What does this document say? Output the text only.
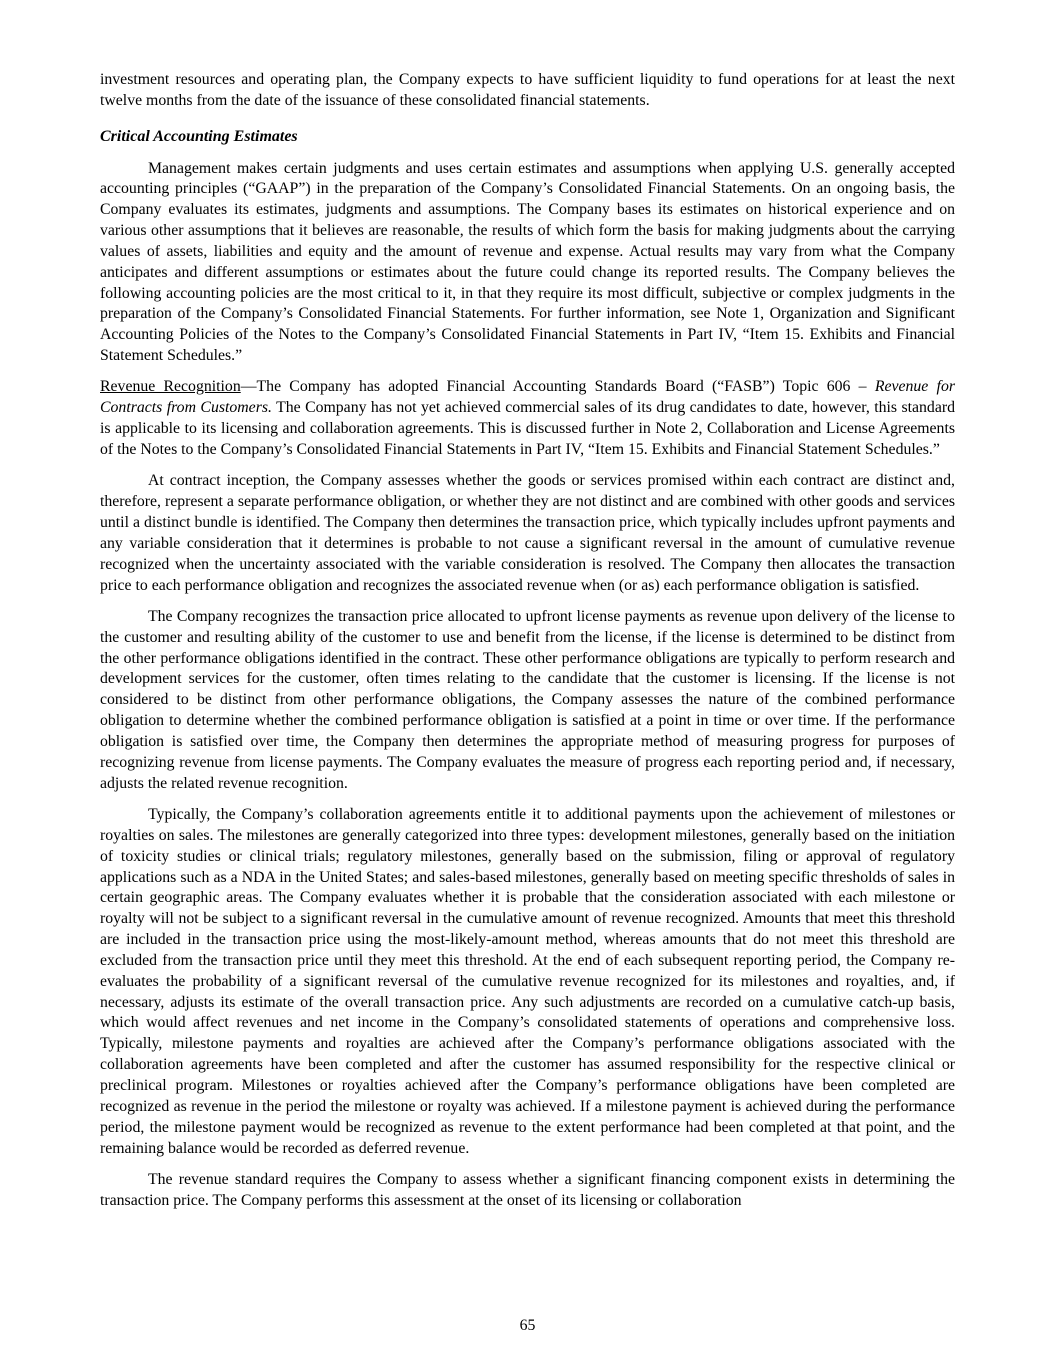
investment resources and operating plan, the Company expects to have sufficient liquidity to fund operations for at least the next twelve months from the date of the issuance of these consolidated financial statements.

Critical Accounting Estimates

Management makes certain judgments and uses certain estimates and assumptions when applying U.S. generally accepted accounting principles (“GAAP”) in the preparation of the Company’s Consolidated Financial Statements. On an ongoing basis, the Company evaluates its estimates, judgments and assumptions. The Company bases its estimates on historical experience and on various other assumptions that it believes are reasonable, the results of which form the basis for making judgments about the carrying values of assets, liabilities and equity and the amount of revenue and expense. Actual results may vary from what the Company anticipates and different assumptions or estimates about the future could change its reported results. The Company believes the following accounting policies are the most critical to it, in that they require its most difficult, subjective or complex judgments in the preparation of the Company’s Consolidated Financial Statements. For further information, see Note 1, Organization and Significant Accounting Policies of the Notes to the Company’s Consolidated Financial Statements in Part IV, “Item 15. Exhibits and Financial Statement Schedules.”

Revenue Recognition—The Company has adopted Financial Accounting Standards Board (“FASB”) Topic 606 – Revenue for Contracts from Customers. The Company has not yet achieved commercial sales of its drug candidates to date, however, this standard is applicable to its licensing and collaboration agreements. This is discussed further in Note 2, Collaboration and License Agreements of the Notes to the Company’s Consolidated Financial Statements in Part IV, “Item 15. Exhibits and Financial Statement Schedules.”

At contract inception, the Company assesses whether the goods or services promised within each contract are distinct and, therefore, represent a separate performance obligation, or whether they are not distinct and are combined with other goods and services until a distinct bundle is identified. The Company then determines the transaction price, which typically includes upfront payments and any variable consideration that it determines is probable to not cause a significant reversal in the amount of cumulative revenue recognized when the uncertainty associated with the variable consideration is resolved. The Company then allocates the transaction price to each performance obligation and recognizes the associated revenue when (or as) each performance obligation is satisfied.

The Company recognizes the transaction price allocated to upfront license payments as revenue upon delivery of the license to the customer and resulting ability of the customer to use and benefit from the license, if the license is determined to be distinct from the other performance obligations identified in the contract. These other performance obligations are typically to perform research and development services for the customer, often times relating to the candidate that the customer is licensing. If the license is not considered to be distinct from other performance obligations, the Company assesses the nature of the combined performance obligation to determine whether the combined performance obligation is satisfied at a point in time or over time. If the performance obligation is satisfied over time, the Company then determines the appropriate method of measuring progress for purposes of recognizing revenue from license payments. The Company evaluates the measure of progress each reporting period and, if necessary, adjusts the related revenue recognition.

Typically, the Company’s collaboration agreements entitle it to additional payments upon the achievement of milestones or royalties on sales. The milestones are generally categorized into three types: development milestones, generally based on the initiation of toxicity studies or clinical trials; regulatory milestones, generally based on the submission, filing or approval of regulatory applications such as a NDA in the United States; and sales-based milestones, generally based on meeting specific thresholds of sales in certain geographic areas. The Company evaluates whether it is probable that the consideration associated with each milestone or royalty will not be subject to a significant reversal in the cumulative amount of revenue recognized. Amounts that meet this threshold are included in the transaction price using the most-likely-amount method, whereas amounts that do not meet this threshold are excluded from the transaction price until they meet this threshold. At the end of each subsequent reporting period, the Company re-evaluates the probability of a significant reversal of the cumulative revenue recognized for its milestones and royalties, and, if necessary, adjusts its estimate of the overall transaction price. Any such adjustments are recorded on a cumulative catch-up basis, which would affect revenues and net income in the Company’s consolidated statements of operations and comprehensive loss. Typically, milestone payments and royalties are achieved after the Company’s performance obligations associated with the collaboration agreements have been completed and after the customer has assumed responsibility for the respective clinical or preclinical program. Milestones or royalties achieved after the Company’s performance obligations have been completed are recognized as revenue in the period the milestone or royalty was achieved. If a milestone payment is achieved during the performance period, the milestone payment would be recognized as revenue to the extent performance had been completed at that point, and the remaining balance would be recorded as deferred revenue.

The revenue standard requires the Company to assess whether a significant financing component exists in determining the transaction price. The Company performs this assessment at the onset of its licensing or collaboration

65
